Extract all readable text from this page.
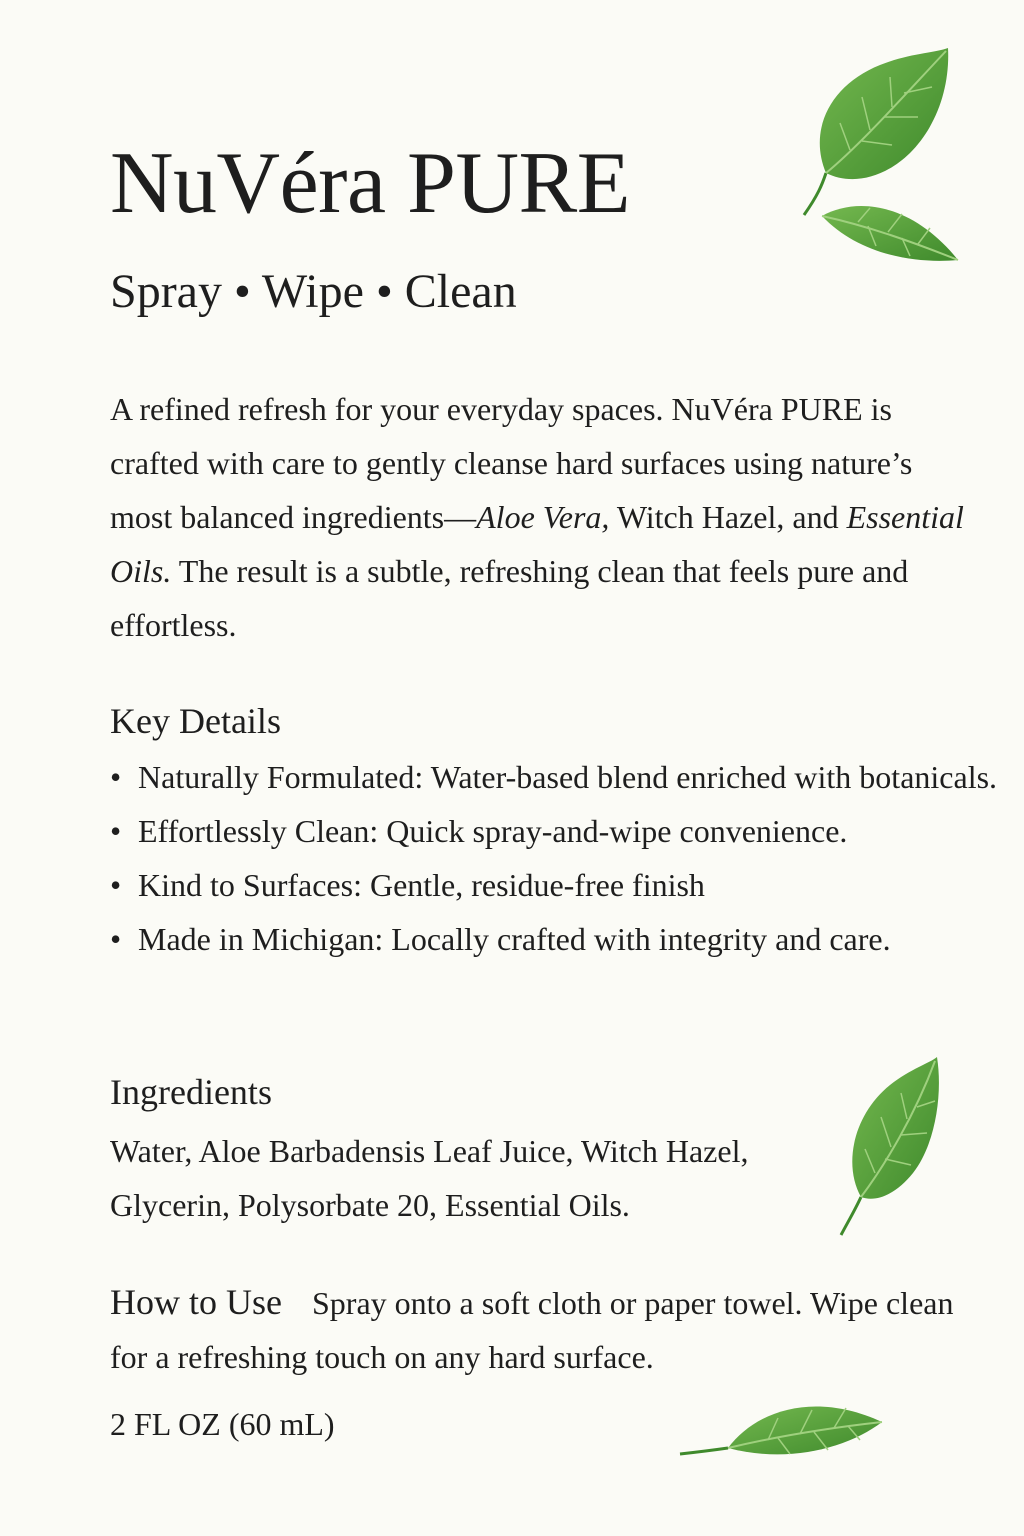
NuVéra PURE

Spray • Wipe • Clean

A refined refresh for your everyday spaces. NuVéra PURE is crafted with care to gently cleanse hard surfaces using nature’s most balanced ingredients—Aloe Vera, Witch Hazel, and Essential Oils. The result is a subtle, refreshing clean that feels pure and effortless.

Key Details
• Naturally Formulated: Water-based blend enriched with botanicals.
• Effortlessly Clean: Quick spray-and-wipe convenience.
• Kind to Surfaces: Gentle, residue-free finish
• Made in Michigan: Locally crafted with integrity and care.
Ingredients

Water, Aloe Barbadensis Leaf Juice, Witch Hazel, Glycerin, Polysorbate 20, Essential Oils.

How to Use Spray onto a soft cloth or paper towel. Wipe clean for a refreshing touch on any hard surface.

2 FL OZ (60 mL)
